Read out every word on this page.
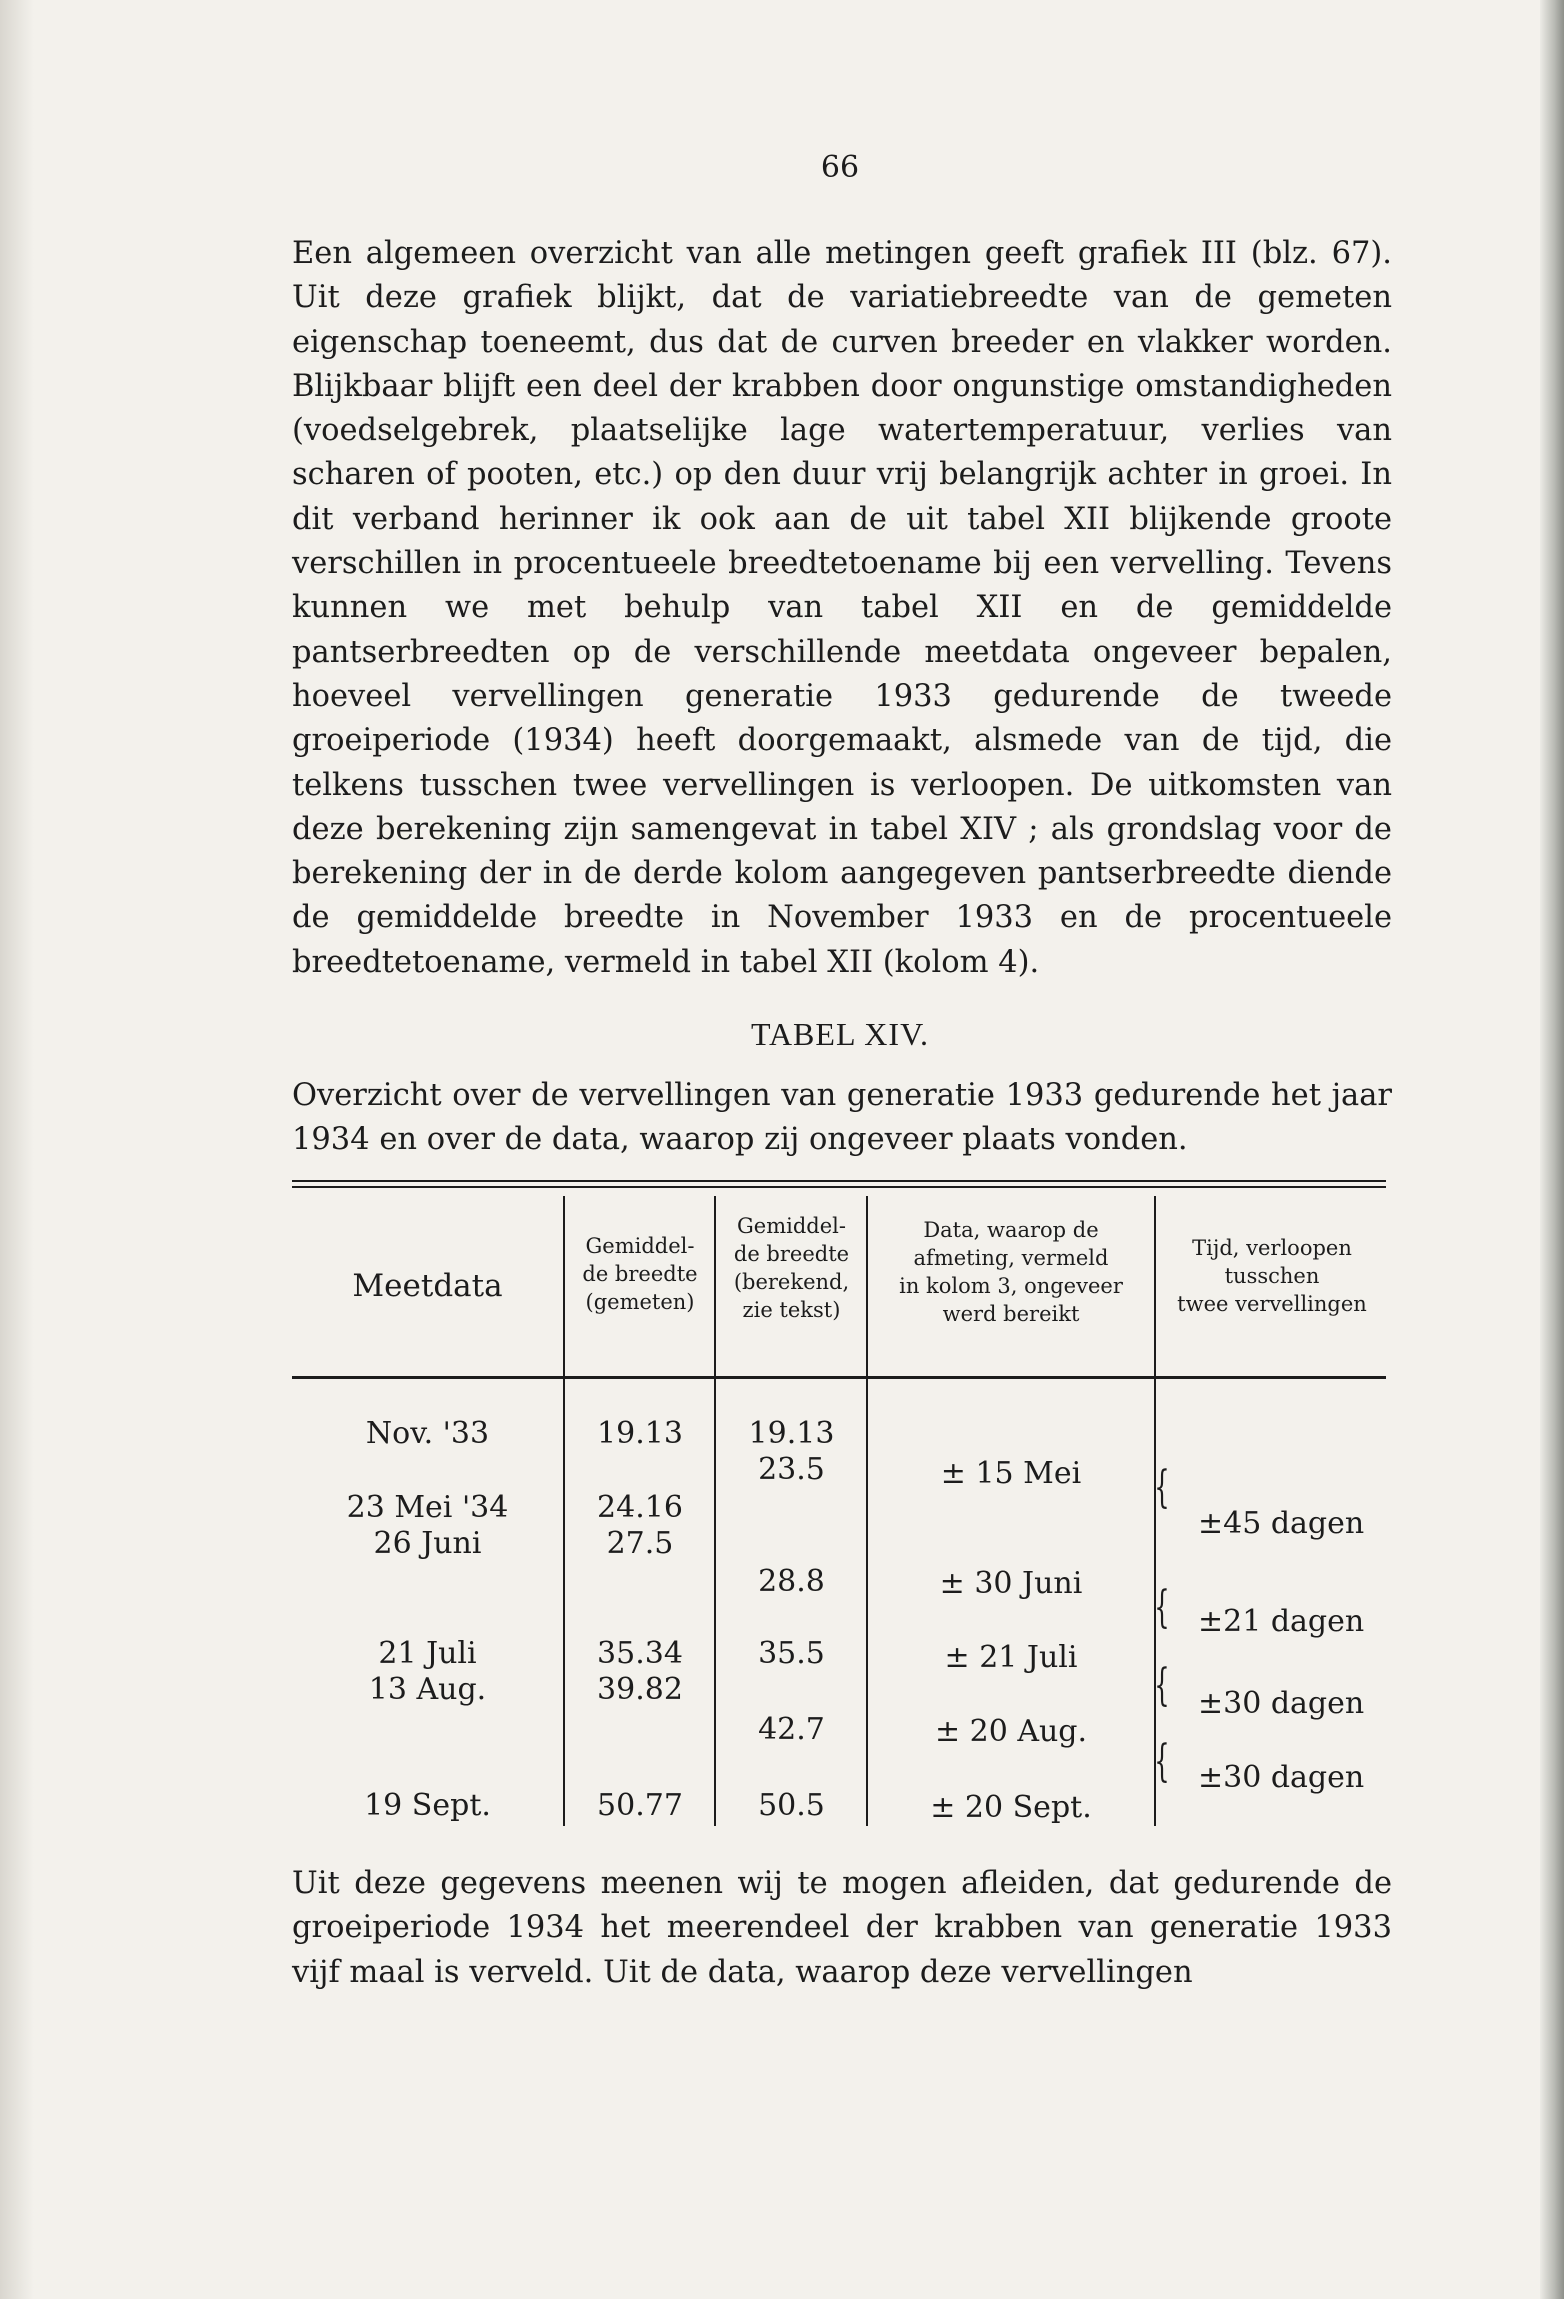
66

Een algemeen overzicht van alle metingen geeft grafiek III (blz. 67). Uit deze grafiek blijkt, dat de variatiebreedte van de gemeten eigenschap toeneemt, dus dat de curven breeder en vlakker worden. Blijkbaar blijft een deel der krabben door ongunstige omstandigheden (voedselgebrek, plaatselijke lage watertemperatuur, verlies van scharen of pooten, etc.) op den duur vrij belangrijk achter in groei. In dit verband herinner ik ook aan de uit tabel XII blijkende groote verschillen in procentueele breedtetoename bij een vervelling. Tevens kunnen we met behulp van tabel XII en de gemiddelde pantserbreedten op de verschillende meetdata ongeveer bepalen, hoeveel vervellingen generatie 1933 gedurende de tweede groeiperiode (1934) heeft doorgemaakt, alsmede van de tijd, die telkens tusschen twee vervellingen is verloopen. De uitkomsten van deze berekening zijn samengevat in tabel XIV ; als grondslag voor de berekening der in de derde kolom aangegeven pantserbreedte diende de gemiddelde breedte in November 1933 en de procentueele breedtetoename, vermeld in tabel XII (kolom 4).

TABEL XIV.

Overzicht over de vervellingen van generatie 1933 gedurende het jaar 1934 en over de data, waarop zij ongeveer plaats vonden.

Meetdata
Gemiddel-
de breedte
(gemeten)
Gemiddel-
de breedte
(berekend,
zie tekst)
Data, waarop de
afmeting, vermeld
in kolom 3, ongeveer
werd bereikt
Tijd, verloopen
tusschen
twee vervellingen
Nov. '33
23 Mei '34
26 Juni
21 Juli
13 Aug.
19 Sept.
19.13
24.16
27.5
35.34
39.82
50.77
19.13
23.5
28.8
35.5
42.7
50.5
± 15 Mei
± 30 Juni
± 21 Juli
± 20 Aug.
± 20 Sept.
{
{
{
{
±45 dagen
±21 dagen
±30 dagen
±30 dagen

Uit deze gegevens meenen wij te mogen afleiden, dat gedurende de groeiperiode 1934 het meerendeel der krabben van generatie 1933 vijf maal is verveld. Uit de data, waarop deze vervellingen
